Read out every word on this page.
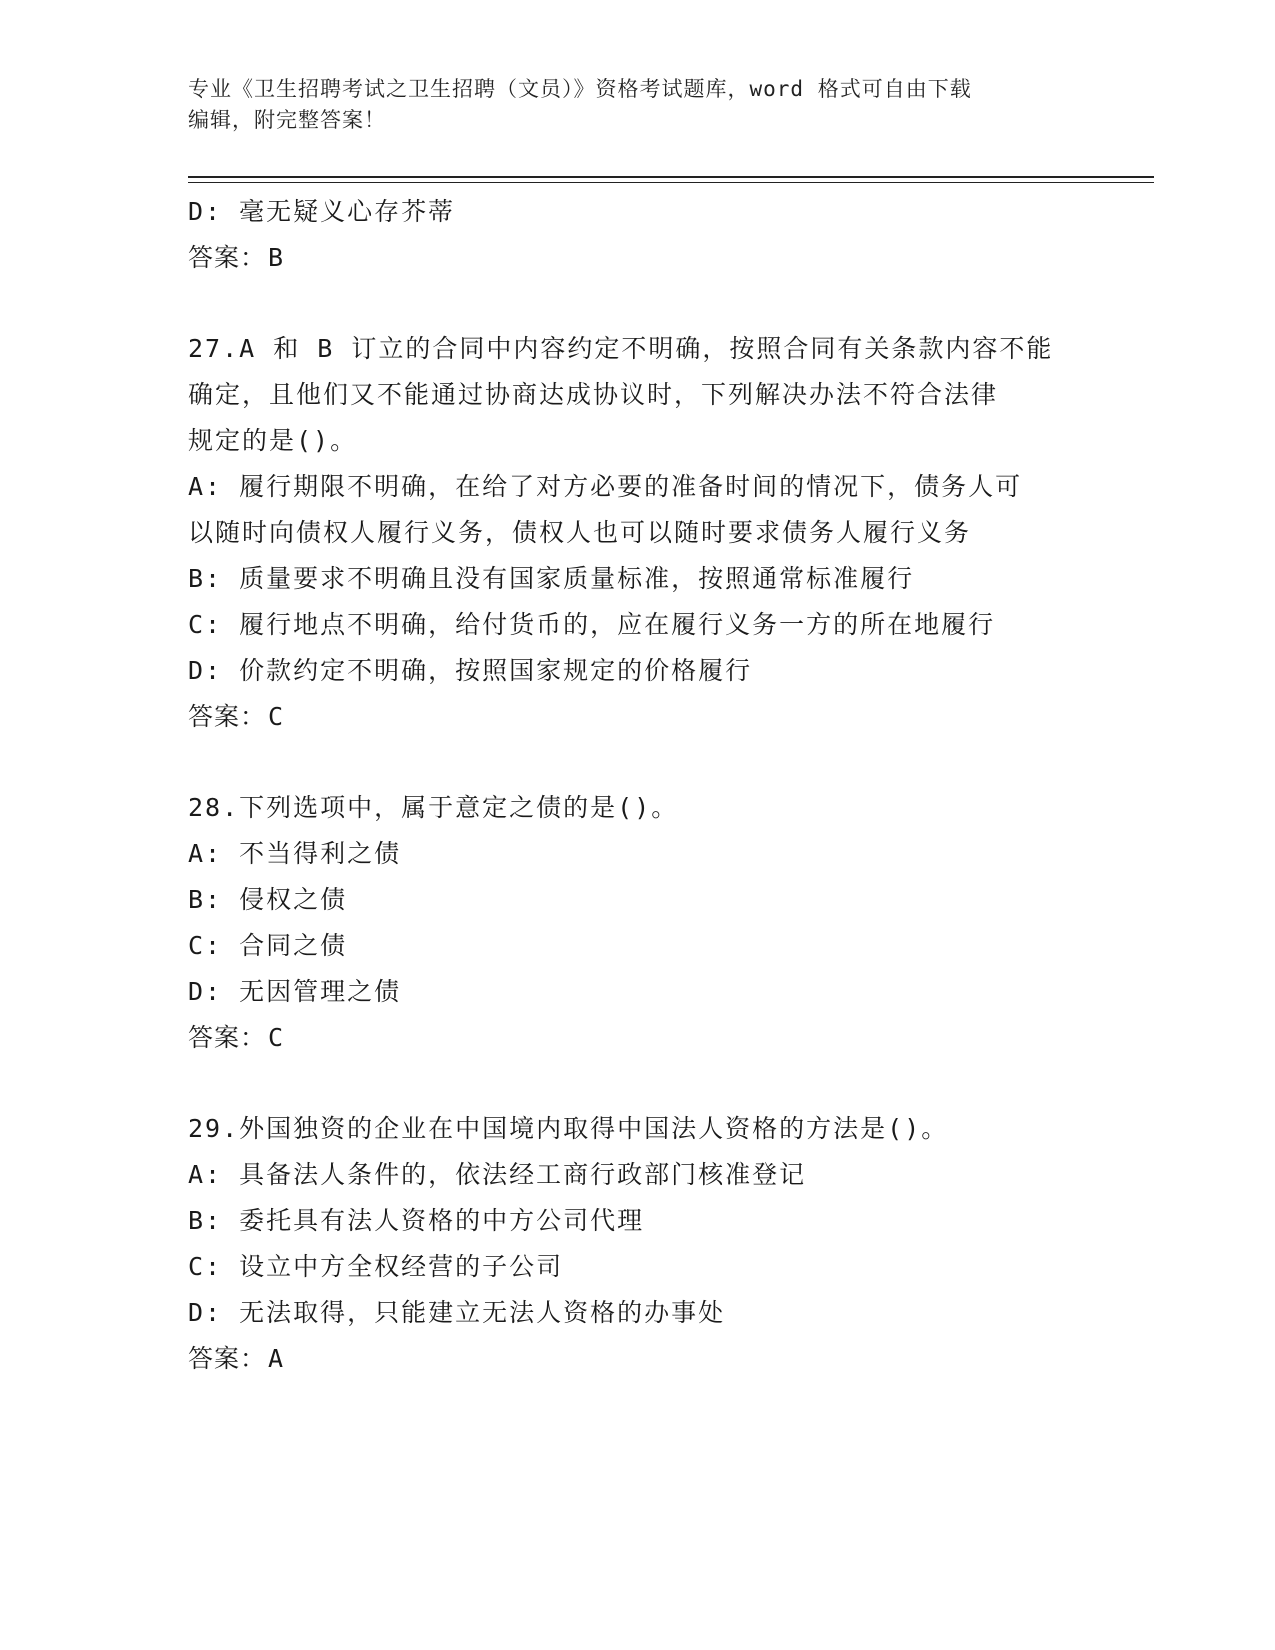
专业《卫生招聘考试之卫生招聘（文员）》资格考试题库，word 格式可自由下载
编辑，附完整答案！
D: 毫无疑义心存芥蒂
答案：B
27.A 和 B 订立的合同中内容约定不明确，按照合同有关条款内容不能
确定，且他们又不能通过协商达成协议时，下列解决办法不符合法律
规定的是()。
A: 履行期限不明确，在给了对方必要的准备时间的情况下，债务人可
以随时向债权人履行义务，债权人也可以随时要求债务人履行义务
B: 质量要求不明确且没有国家质量标准，按照通常标准履行
C: 履行地点不明确，给付货币的，应在履行义务一方的所在地履行
D: 价款约定不明确，按照国家规定的价格履行
答案：C
28.下列选项中，属于意定之债的是()。
A: 不当得利之债
B: 侵权之债
C: 合同之债
D: 无因管理之债
答案：C
29.外国独资的企业在中国境内取得中国法人资格的方法是()。
A: 具备法人条件的，依法经工商行政部门核准登记
B: 委托具有法人资格的中方公司代理
C: 设立中方全权经营的子公司
D: 无法取得，只能建立无法人资格的办事处
答案：A
